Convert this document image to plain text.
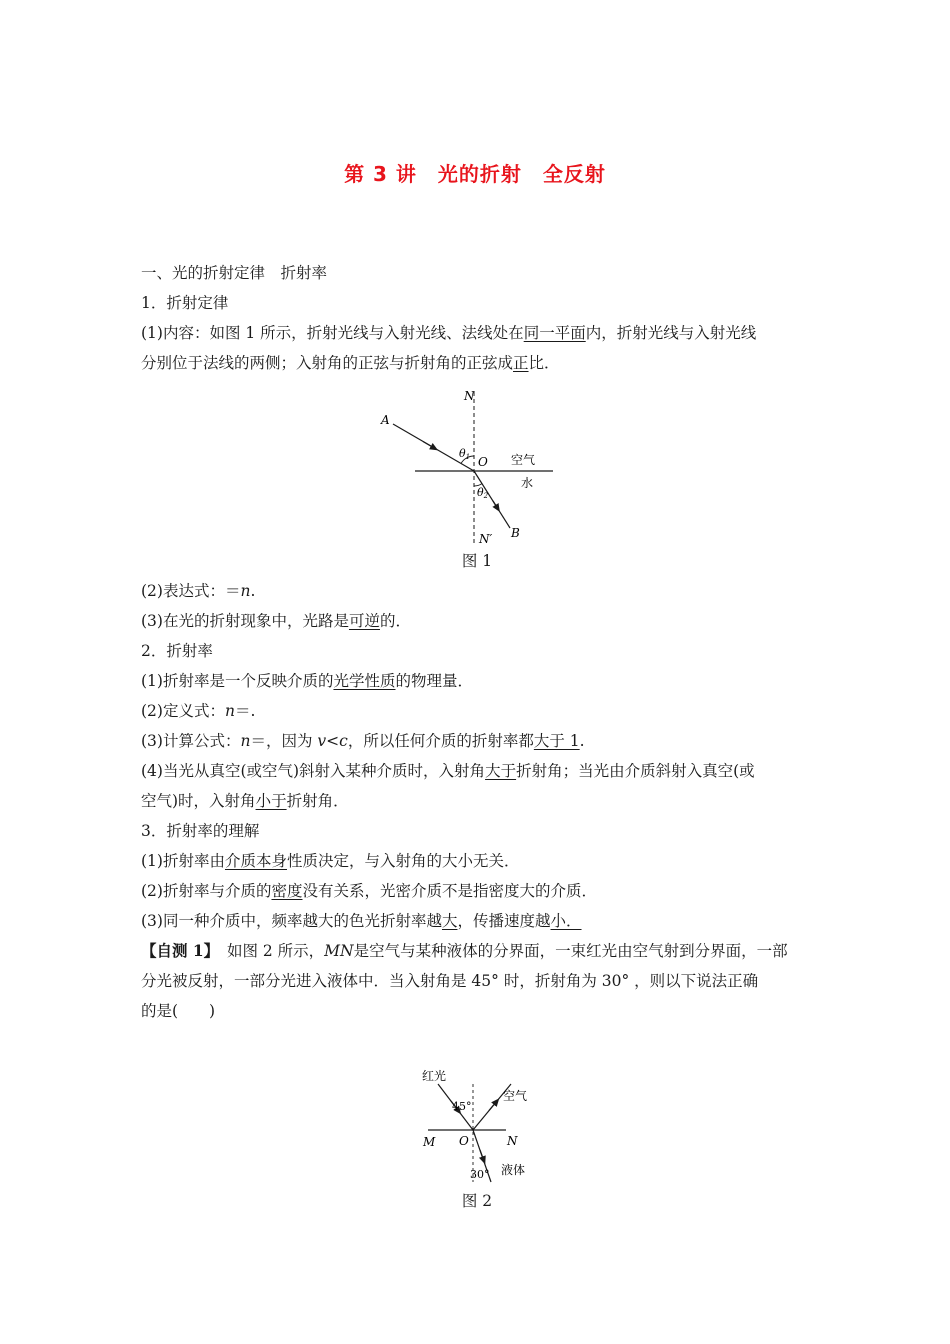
第 3 讲　光的折射　全反射
一、光的折射定律　折射率
1．折射定律
(1)内容：如图 1 所示，折射光线与入射光线、法线处在同一平面内，折射光线与入射光线
分别位于法线的两侧；入射角的正弦与折射角的正弦成正比．
A
N
θ1 O 空气
水
θ2
N′ B
图 1
(2)表达式：＝n.
(3)在光的折射现象中，光路是可逆的．
2．折射率
(1)折射率是一个反映介质的光学性质的物理量．
(2)定义式：n＝.
(3)计算公式：n＝，因为 v<c，所以任何介质的折射率都大于 1.
(4)当光从真空(或空气)斜射入某种介质时，入射角大于折射角；当光由介质斜射入真空(或
空气)时，入射角小于折射角．
3．折射率的理解
(1)折射率由介质本身性质决定，与入射角的大小无关．
(2)折射率与介质的密度没有关系，光密介质不是指密度大的介质．
(3)同一种介质中，频率越大的色光折射率越大，传播速度越小．
【自测 1】　如图 2 所示，MN是空气与某种液体的分界面，一束红光由空气射到分界面，一部
分光被反射，一部分光进入液体中．当入射角是 45° 时，折射角为 30° ，则以下说法正确
的是(　　)
红光
45°
空气
M O	N
30° 液体
图 2
